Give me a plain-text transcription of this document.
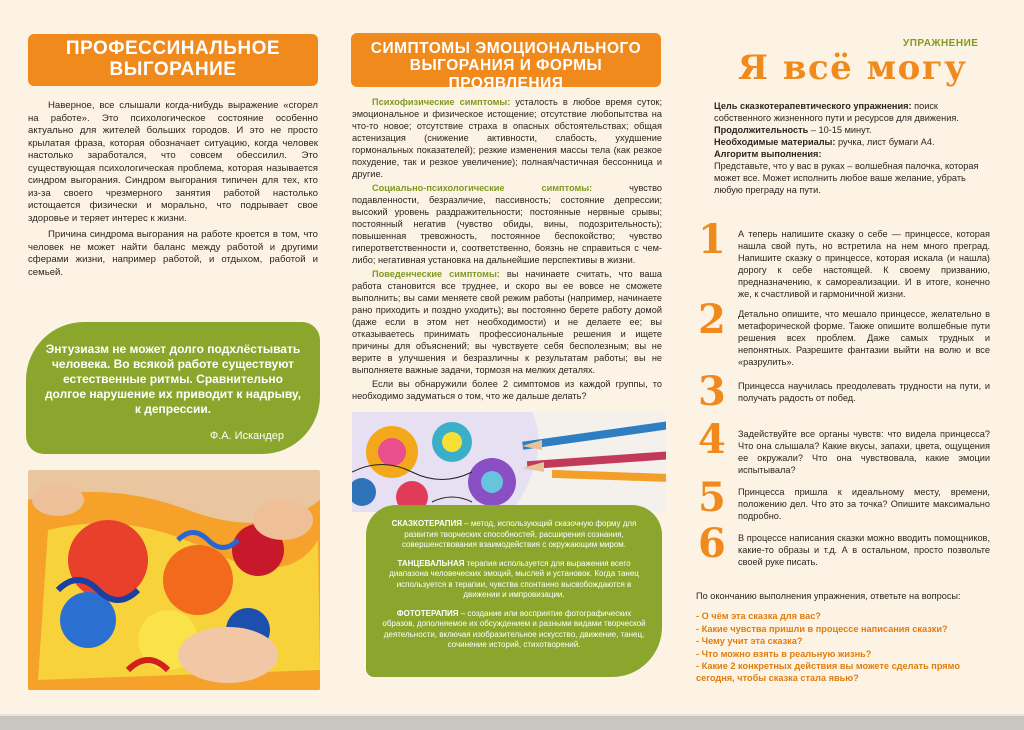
ПРОФЕССИНАЛЬНОЕ ВЫГОРАНИЕ

Наверное, все слышали когда-нибудь выражение «сгорел на работе». Это психологическое состояние особенно актуально для жителей больших городов. И это не просто крылатая фраза, которая обозначает ситуацию, когда человек настолько заработался, что совсем обессилил. Это существующая психологическая проблема, которая называется синдром выгорания. Синдром выгорания типичен для тех, кто из-за своего чрезмерного занятия работой настолько истощается физически и морально, что подрывает свое здоровье и теряет интерес к жизни.

Причина синдрома выгорания на работе кроется в том, что человек не может найти баланс между работой и другими сферами жизни, например работой, и отдыхом, работой и семьей.

Энтузиазм не может долго подхлёстывать человека. Во всякой работе существуют естественные ритмы. Сравнительно долгое нарушение их приводит к надрыву, к депрессии.
Ф.А. Искандер
СИМПТОМЫ ЭМОЦИОНАЛЬНОГО ВЫГОРАНИЯ И ФОРМЫ ПРОЯВЛЕНИЯ

Психофизические симптомы: усталость в любое время суток; эмоциональное и физическое истощение; отсутствие любопытства на что-то новое; отсутствие страха в опасных обстоятельствах; общая астенизация (снижение активности, слабость, ухудшение гормональных показателей); резкие изменения массы тела (как резкое похудение, так и резкое увеличение); полная/частичная бессонница и другие.

Социально-психологические симптомы: чувство подавленности, безразличие, пассивность; состояние депрессии; высокий уровень раздражительности; постоянные нервные срывы; постоянный негатив (чувство обиды, вины, подозрительность); повышенная тревожность, постоянное беспокойство; чувство гиперответственности и, соответственно, боязнь не справиться с чем-либо; негативная установка на дальнейшие перспективы в жизни.

Поведенческие симптомы: вы начинаете считать, что ваша работа становится все труднее, и скоро вы ее вовсе не сможете выполнить; вы сами меняете свой режим работы (например, начинаете рано приходить и поздно уходить); вы постоянно берете работу домой (даже если в этом нет необходимости) и не делаете ее; вы отказываетесь принимать профессиональные решения и ищете причины для объяснений; вы чувствуете себя бесполезным; вы не верите в улучшения и безразличны к результатам работы; вы не выполняете важные задачи, тормозя на мелких деталях.

Если вы обнаружили более 2 симптомов из каждой группы, то необходимо задуматься о том, что же дальше делать?

СКАЗКОТЕРАПИЯ – метод, использующий сказочную форму для развития творческих способностей, расширения сознания, совершенствования взаимодействия с окружающим миром.

ТАНЦЕВАЛЬНАЯ терапия используется для выражения всего диапазона человеческих эмоций, мыслей и установок. Когда танец используется в терапии, чувства спонтанно высвобождаются в движении и импровизации.

ФОТОТЕРАПИЯ – создание или восприятие фотографических образов, дополняемое их обсуждением и разными видами творческой деятельности, включая изобразительное искусство, движение, танец, сочинение историй, стихотворений.

УПРАЖНЕНИЕ
Я всё могу
Цель сказкотерапевтического упражнения: поиск собственного жизненного пути и ресурсов для движения.
Продолжительность – 10-15 минут.
Необходимые материалы: ручка, лист бумаги А4.
Алгоритм выполнения:
Представьте, что у вас в руках – волшебная палочка, которая может все. Может исполнить любое ваше желание, убрать любую преграду на пути.
1 А теперь напишите сказку о себе — принцессе, которая нашла свой путь, но встретила на нем много преград. Напишите сказку о принцессе, которая искала (и нашла) дорогу к себе настоящей. К своему призванию, предназначению, к самореализации. И в итоге, конечно же, к счастливой и гармоничной жизни.
2 Детально опишите, что мешало принцессе, желательно в метафорической форме. Также опишите волшебные пути решения всех проблем. Даже самых трудных и непонятных. Разрешите фантазии выйти на волю и все «разрулить».
3 Принцесса научилась преодолевать трудности на пути, и получать радость от побед.
4 Задействуйте все органы чувств: что видела принцесса? Что она слышала? Какие вкусы, запахи, цвета, ощущения ее окружали? Что она чувствовала, какие эмоции испытывала?
5 Принцесса пришла к идеальному месту, времени, положению дел. Что это за точка? Опишите максимально подробно.
6 В процессе написания сказки можно вводить помощников, какие-то образы и т.д. А в остальном, просто позвольте своей руке писать.
По окончанию выполнения упражнения, ответьте на вопросы:
- О чём эта сказка для вас?
- Какие чувства пришли в процессе написания сказки?
- Чему учит эта сказка?
- Что можно взять в реальную жизнь?
- Какие 2 конкретных действия вы можете сделать прямо сегодня, чтобы сказка стала явью?
